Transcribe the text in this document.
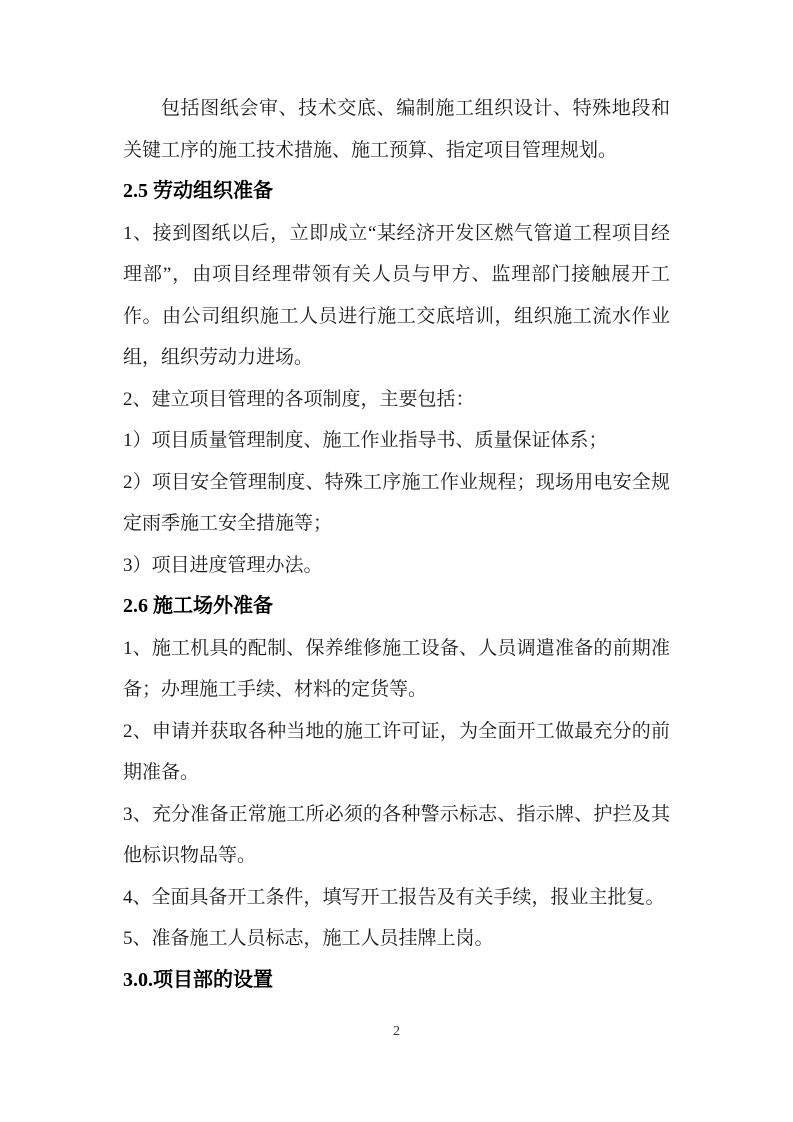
包括图纸会审、技术交底、编制施工组织设计、特殊地段和关键工序的施工技术措施、施工预算、指定项目管理规划。

2.5 劳动组织准备

1、接到图纸以后，立即成立“某经济开发区燃气管道工程项目经理部”，由项目经理带领有关人员与甲方、监理部门接触展开工作。由公司组织施工人员进行施工交底培训，组织施工流水作业组，组织劳动力进场。

2、建立项目管理的各项制度，主要包括：

1）项目质量管理制度、施工作业指导书、质量保证体系；

2）项目安全管理制度、特殊工序施工作业规程；现场用电安全规定雨季施工安全措施等；

3）项目进度管理办法。

2.6 施工场外准备

1、施工机具的配制、保养维修施工设备、人员调遣准备的前期准备；办理施工手续、材料的定货等。

2、申请并获取各种当地的施工许可证，为全面开工做最充分的前期准备。

3、充分准备正常施工所必须的各种警示标志、指示牌、护拦及其他标识物品等。

4、全面具备开工条件，填写开工报告及有关手续，报业主批复。

5、准备施工人员标志，施工人员挂牌上岗。

3.0.项目部的设置

2
